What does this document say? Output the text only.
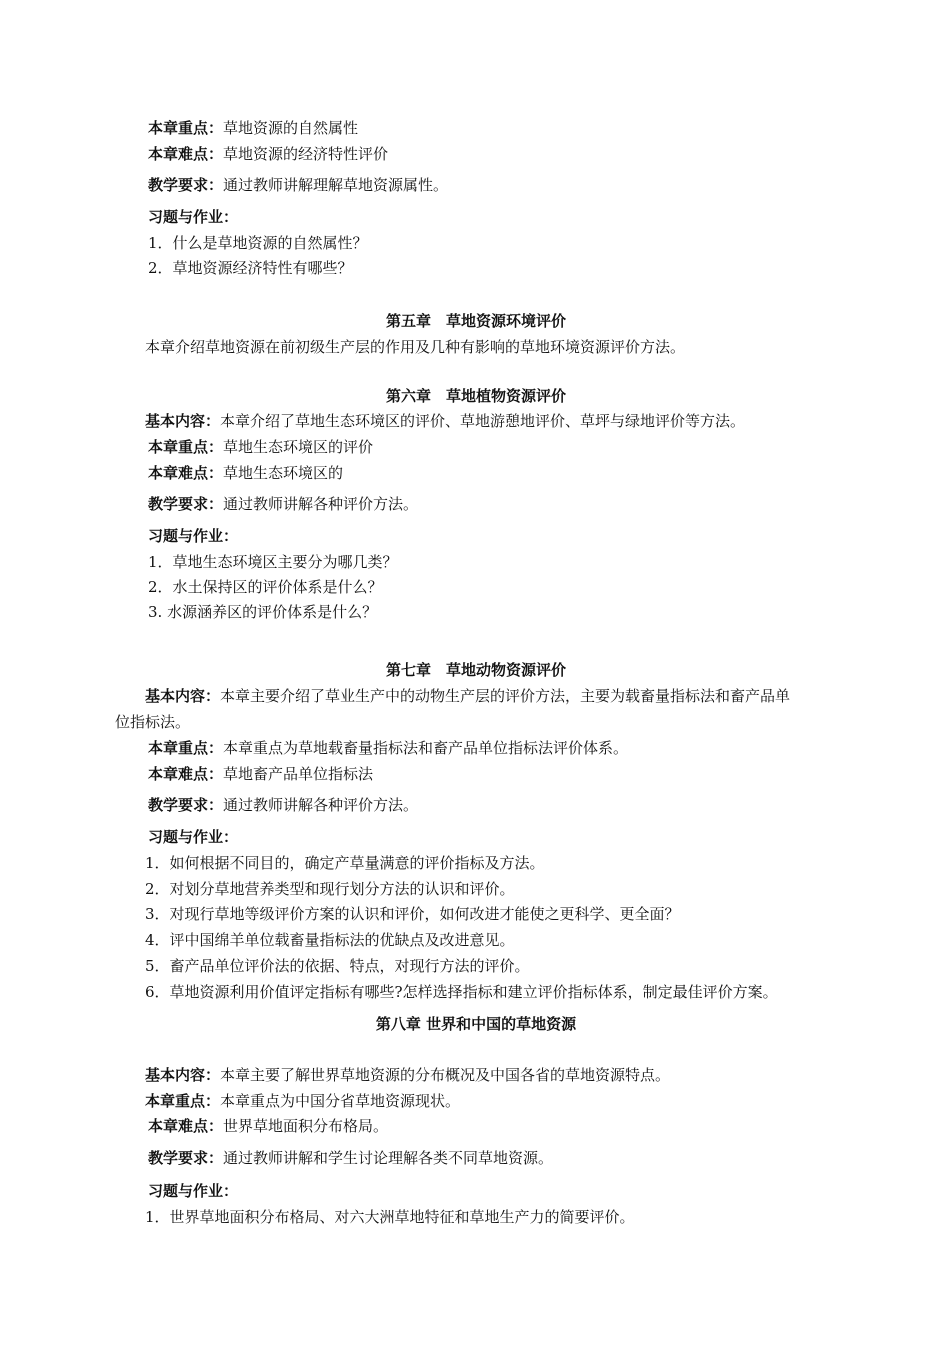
本章重点：草地资源的自然属性
本章难点：草地资源的经济特性评价
教学要求：通过教师讲解理解草地资源属性。
习题与作业：
1．什么是草地资源的自然属性？
2．草地资源经济特性有哪些？
第五章　草地资源环境评价
本章介绍草地资源在前初级生产层的作用及几种有影响的草地环境资源评价方法。
第六章　草地植物资源评价
基本内容：本章介绍了草地生态环境区的评价、草地游憩地评价、草坪与绿地评价等方法。
本章重点：草地生态环境区的评价
本章难点：草地生态环境区的
教学要求：通过教师讲解各种评价方法。
习题与作业：
1．草地生态环境区主要分为哪几类？
2．水土保持区的评价体系是什么？
3. 水源涵养区的评价体系是什么？
第七章　草地动物资源评价
基本内容：本章主要介绍了草业生产中的动物生产层的评价方法，主要为载畜量指标法和畜产品单
位指标法。
本章重点：本章重点为草地载畜量指标法和畜产品单位指标法评价体系。
本章难点：草地畜产品单位指标法
教学要求：通过教师讲解各种评价方法。
习题与作业：
1．如何根据不同目的，确定产草量满意的评价指标及方法。
2．对划分草地营养类型和现行划分方法的认识和评价。
3．对现行草地等级评价方案的认识和评价，如何改进才能使之更科学、更全面？
4．评中国绵羊单位载畜量指标法的优缺点及改进意见。
5．畜产品单位评价法的依据、特点，对现行方法的评价。
6．草地资源利用价值评定指标有哪些?怎样选择指标和建立评价指标体系，制定最佳评价方案。
第八章 世界和中国的草地资源
基本内容：本章主要了解世界草地资源的分布概况及中国各省的草地资源特点。
本章重点：本章重点为中国分省草地资源现状。
本章难点：世界草地面积分布格局。
教学要求：通过教师讲解和学生讨论理解各类不同草地资源。
习题与作业：
1．世界草地面积分布格局、对六大洲草地特征和草地生产力的简要评价。
